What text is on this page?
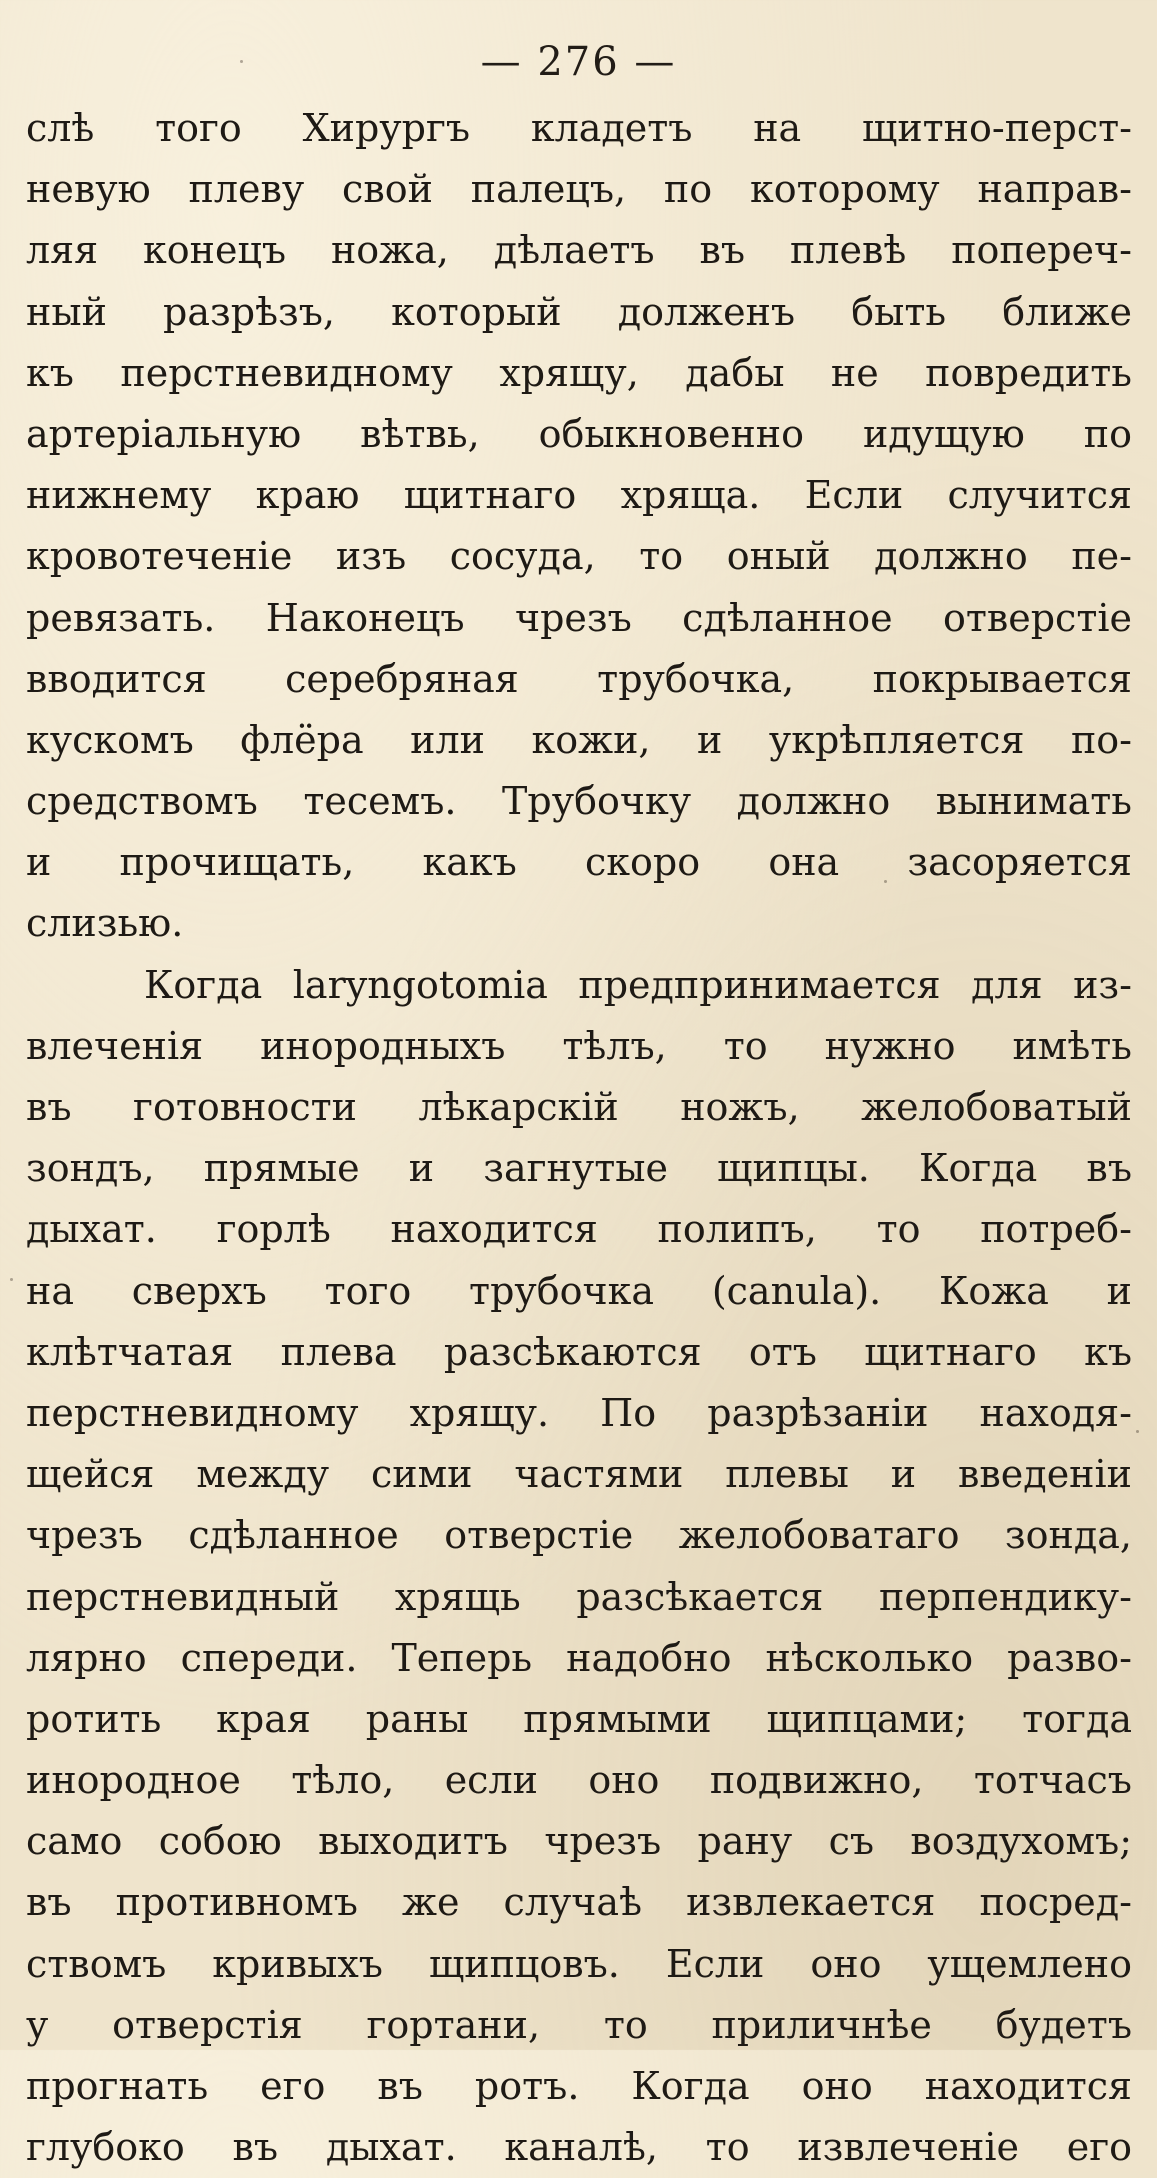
— 276 —
слѣ того Хирургъ кладетъ на щитно-перст-
невую плеву свой палецъ, по которому направ-
ляя конецъ ножа, дѣлаетъ въ плевѣ попереч-
ный разрѣзъ, который долженъ быть ближе
къ перстневидному хрящу, дабы не повредить
артеріальную вѣтвь, обыкновенно идущую по
нижнему краю щитнаго хряща. Если случится
кровотеченіе изъ сосуда, то оный должно пе-
ревязать. Наконецъ чрезъ сдѣланное отверстіе
вводится серебряная трубочка, покрывается
кускомъ флёра или кожи, и укрѣпляется по-
средствомъ тесемъ. Трубочку должно вынимать
и прочищать, какъ скоро она засоряется
слизью.
Когда laryngotomia предпринимается для из-
влеченія инородныхъ тѣлъ, то нужно имѣть
въ готовности лѣкарскій ножъ, желобоватый
зондъ, прямые и загнутые щипцы. Когда въ
дыхат. горлѣ находится полипъ, то потреб-
на сверхъ того трубочка (canula). Кожа и
клѣтчатая плева разсѣкаются отъ щитнаго къ
перстневидному хрящу. По разрѣзаніи находя-
щейся между сими частями плевы и введеніи
чрезъ сдѣланное отверстіе желобоватаго зонда,
перстневидный хрящь разсѣкается перпендику-
лярно спереди. Теперь надобно нѣсколько разво-
ротить края раны прямыми щипцами; тогда
инородное тѣло, если оно подвижно, тотчасъ
само собою выходитъ чрезъ рану съ воздухомъ;
въ противномъ же случаѣ извлекается посред-
ствомъ кривыхъ щипцовъ. Если оно ущемлено
у отверстія гортани, то приличнѣе будетъ
прогнать его въ ротъ. Когда оно находится
глубоко въ дыхат. каналѣ, то извлеченіе его
